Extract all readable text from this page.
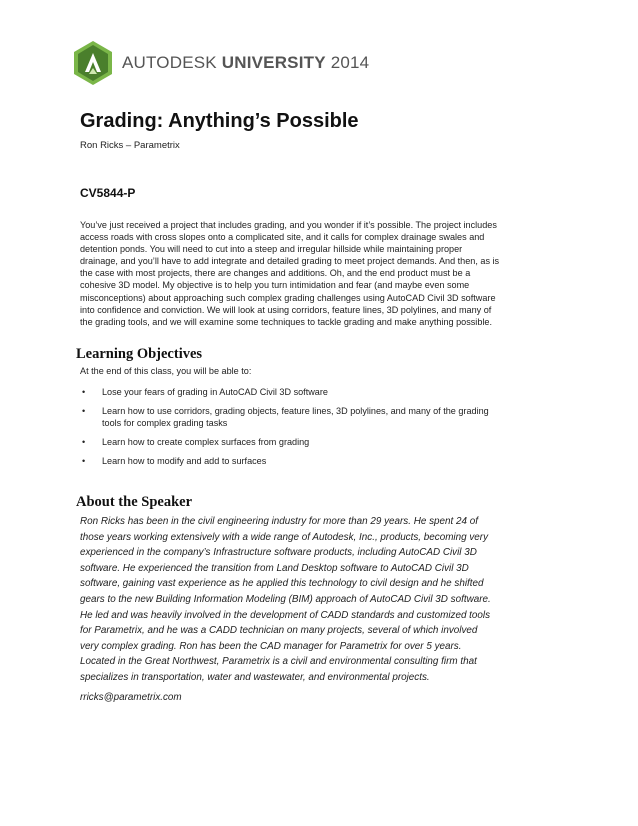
AUTODESK UNIVERSITY 2014
Grading: Anything’s Possible
Ron Ricks – Parametrix
CV5844-P
You’ve just received a project that includes grading, and you wonder if it’s possible. The project includes
access roads with cross slopes onto a complicated site, and it calls for complex drainage swales and
detention ponds. You will need to cut into a steep and irregular hillside while maintaining proper
drainage, and you’ll have to add integrate and detailed grading to meet project demands. And then, as is
the case with most projects, there are changes and additions. Oh, and the end product must be a
cohesive 3D model. My objective is to help you turn intimidation and fear (and maybe even some
misconceptions) about approaching such complex grading challenges using AutoCAD Civil 3D software
into confidence and conviction. We will look at using corridors, feature lines, 3D polylines, and many of
the grading tools, and we will examine some techniques to tackle grading and make anything possible.
Learning Objectives
At the end of this class, you will be able to:
• Lose your fears of grading in AutoCAD Civil 3D software
• Learn how to use corridors, grading objects, feature lines, 3D polylines, and many of the grading
tools for complex grading tasks
• Learn how to create complex surfaces from grading
• Learn how to modify and add to surfaces
About the Speaker
Ron Ricks has been in the civil engineering industry for more than 29 years. He spent 24 of
those years working extensively with a wide range of Autodesk, Inc., products, becoming very
experienced in the company’s Infrastructure software products, including AutoCAD Civil 3D
software. He experienced the transition from Land Desktop software to AutoCAD Civil 3D
software, gaining vast experience as he applied this technology to civil design and he shifted
gears to the new Building Information Modeling (BIM) approach of AutoCAD Civil 3D software.
He led and was heavily involved in the development of CADD standards and customized tools
for Parametrix, and he was a CADD technician on many projects, several of which involved
very complex grading. Ron has been the CAD manager for Parametrix for over 5 years.
Located in the Great Northwest, Parametrix is a civil and environmental consulting firm that
specializes in transportation, water and wastewater, and environmental projects.
rricks@parametrix.com
